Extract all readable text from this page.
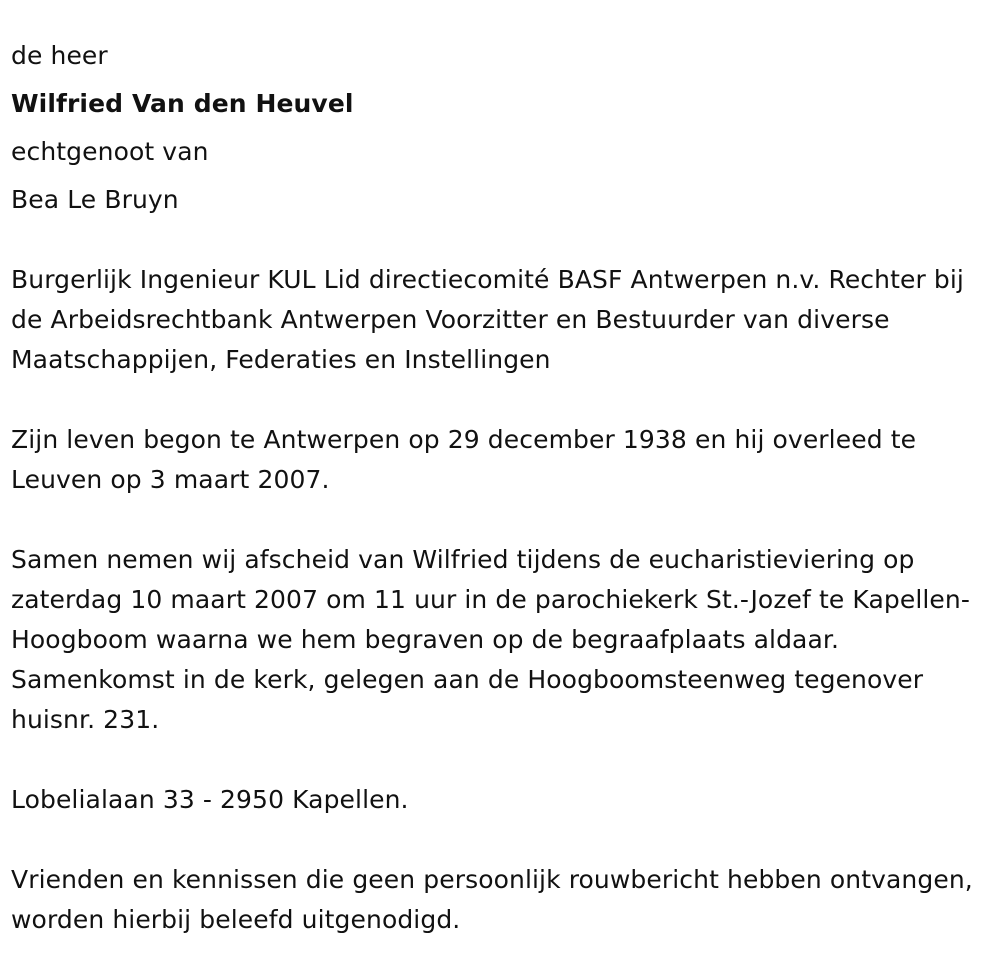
de heer
Wilfried Van den Heuvel
echtgenoot van
Bea Le Bruyn

Burgerlijk Ingenieur KUL Lid directiecomité BASF Antwerpen n.v. Rechter bij de Arbeidsrechtbank Antwerpen Voorzitter en Bestuurder van diverse Maatschappijen, Federaties en Instellingen

Zijn leven begon te Antwerpen op 29 december 1938 en hij overleed te Leuven op 3 maart 2007.

Samen nemen wij afscheid van Wilfried tijdens de eucharistieviering op zaterdag 10 maart 2007 om 11 uur in de parochiekerk St.-Jozef te Kapellen-Hoogboom waarna we hem begraven op de begraafplaats aldaar. Samenkomst in de kerk, gelegen aan de Hoogboomsteenweg tegenover huisnr. 231.

Lobelialaan 33 - 2950 Kapellen.

Vrienden en kennissen die geen persoonlijk rouwbericht hebben ontvangen, worden hierbij beleefd uitgenodigd.
